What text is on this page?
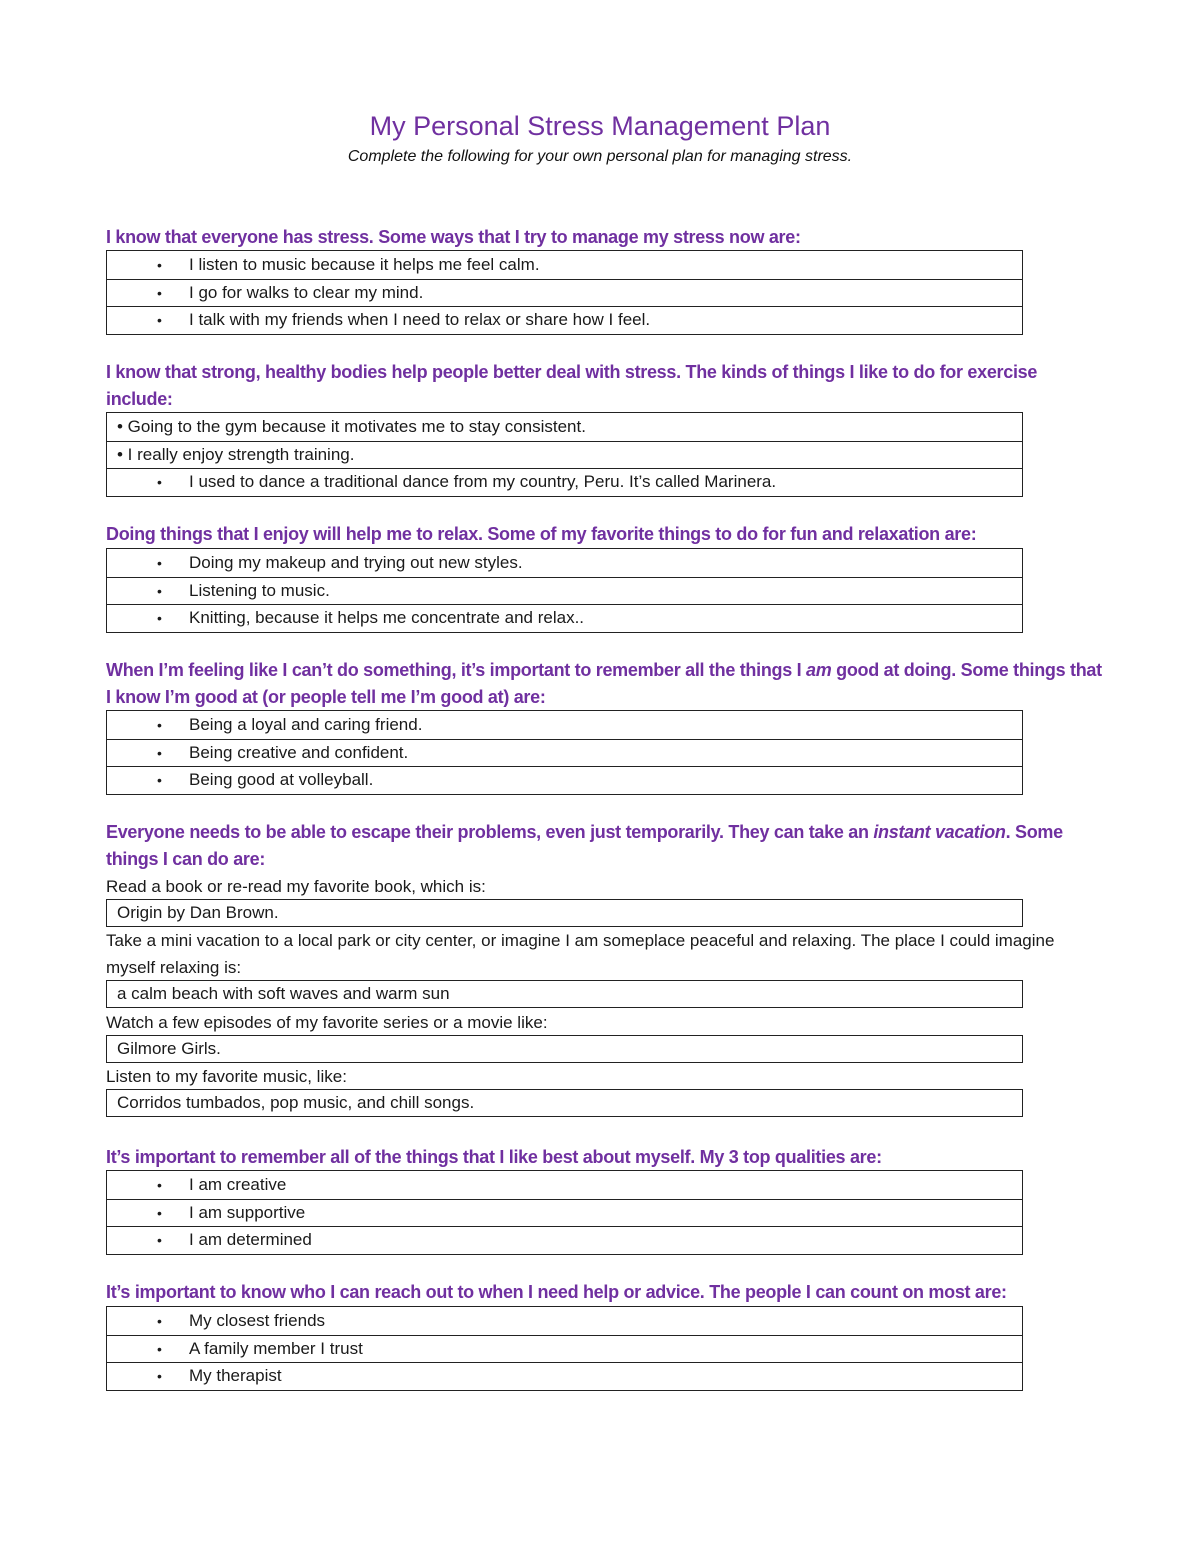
My Personal Stress Management Plan
Complete the following for your own personal plan for managing stress.
I know that everyone has stress. Some ways that I try to manage my stress now are:
•	I listen to music because it helps me feel calm.
•	I go for walks to clear my mind.
•	I talk with my friends when I need to relax or share how I feel.
I know that strong, healthy bodies help people better deal with stress. The kinds of things I like to do for exercise include:
• Going to the gym because it motivates me to stay consistent.
• I really enjoy strength training.
•	I used to dance a traditional dance from my country, Peru. It’s called Marinera.
Doing things that I enjoy will help me to relax. Some of my favorite things to do for fun and relaxation are:
•	Doing my makeup and trying out new styles.
•	Listening to music.
•	Knitting, because it helps me concentrate and relax..
When I’m feeling like I can’t do something, it’s important to remember all the things I am good at doing. Some things that I know I’m good at (or people tell me I’m good at) are:
•	Being a loyal and caring friend.
•	Being creative and confident.
•	Being good at volleyball.
Everyone needs to be able to escape their problems, even just temporarily. They can take an instant vacation. Some things I can do are:
Read a book or re-read my favorite book, which is:
Origin by Dan Brown.
Take a mini vacation to a local park or city center, or imagine I am someplace peaceful and relaxing. The place I could imagine myself relaxing is:
a calm beach with soft waves and warm sun
Watch a few episodes of my favorite series or a movie like:
Gilmore Girls.
Listen to my favorite music, like:
Corridos tumbados, pop music, and chill songs.
It’s important to remember all of the things that I like best about myself. My 3 top qualities are:
•	I am creative
•	I am supportive
•	I am determined
It’s important to know who I can reach out to when I need help or advice. The people I can count on most are:
•	My closest friends
•	A family member I trust
•	My therapist
